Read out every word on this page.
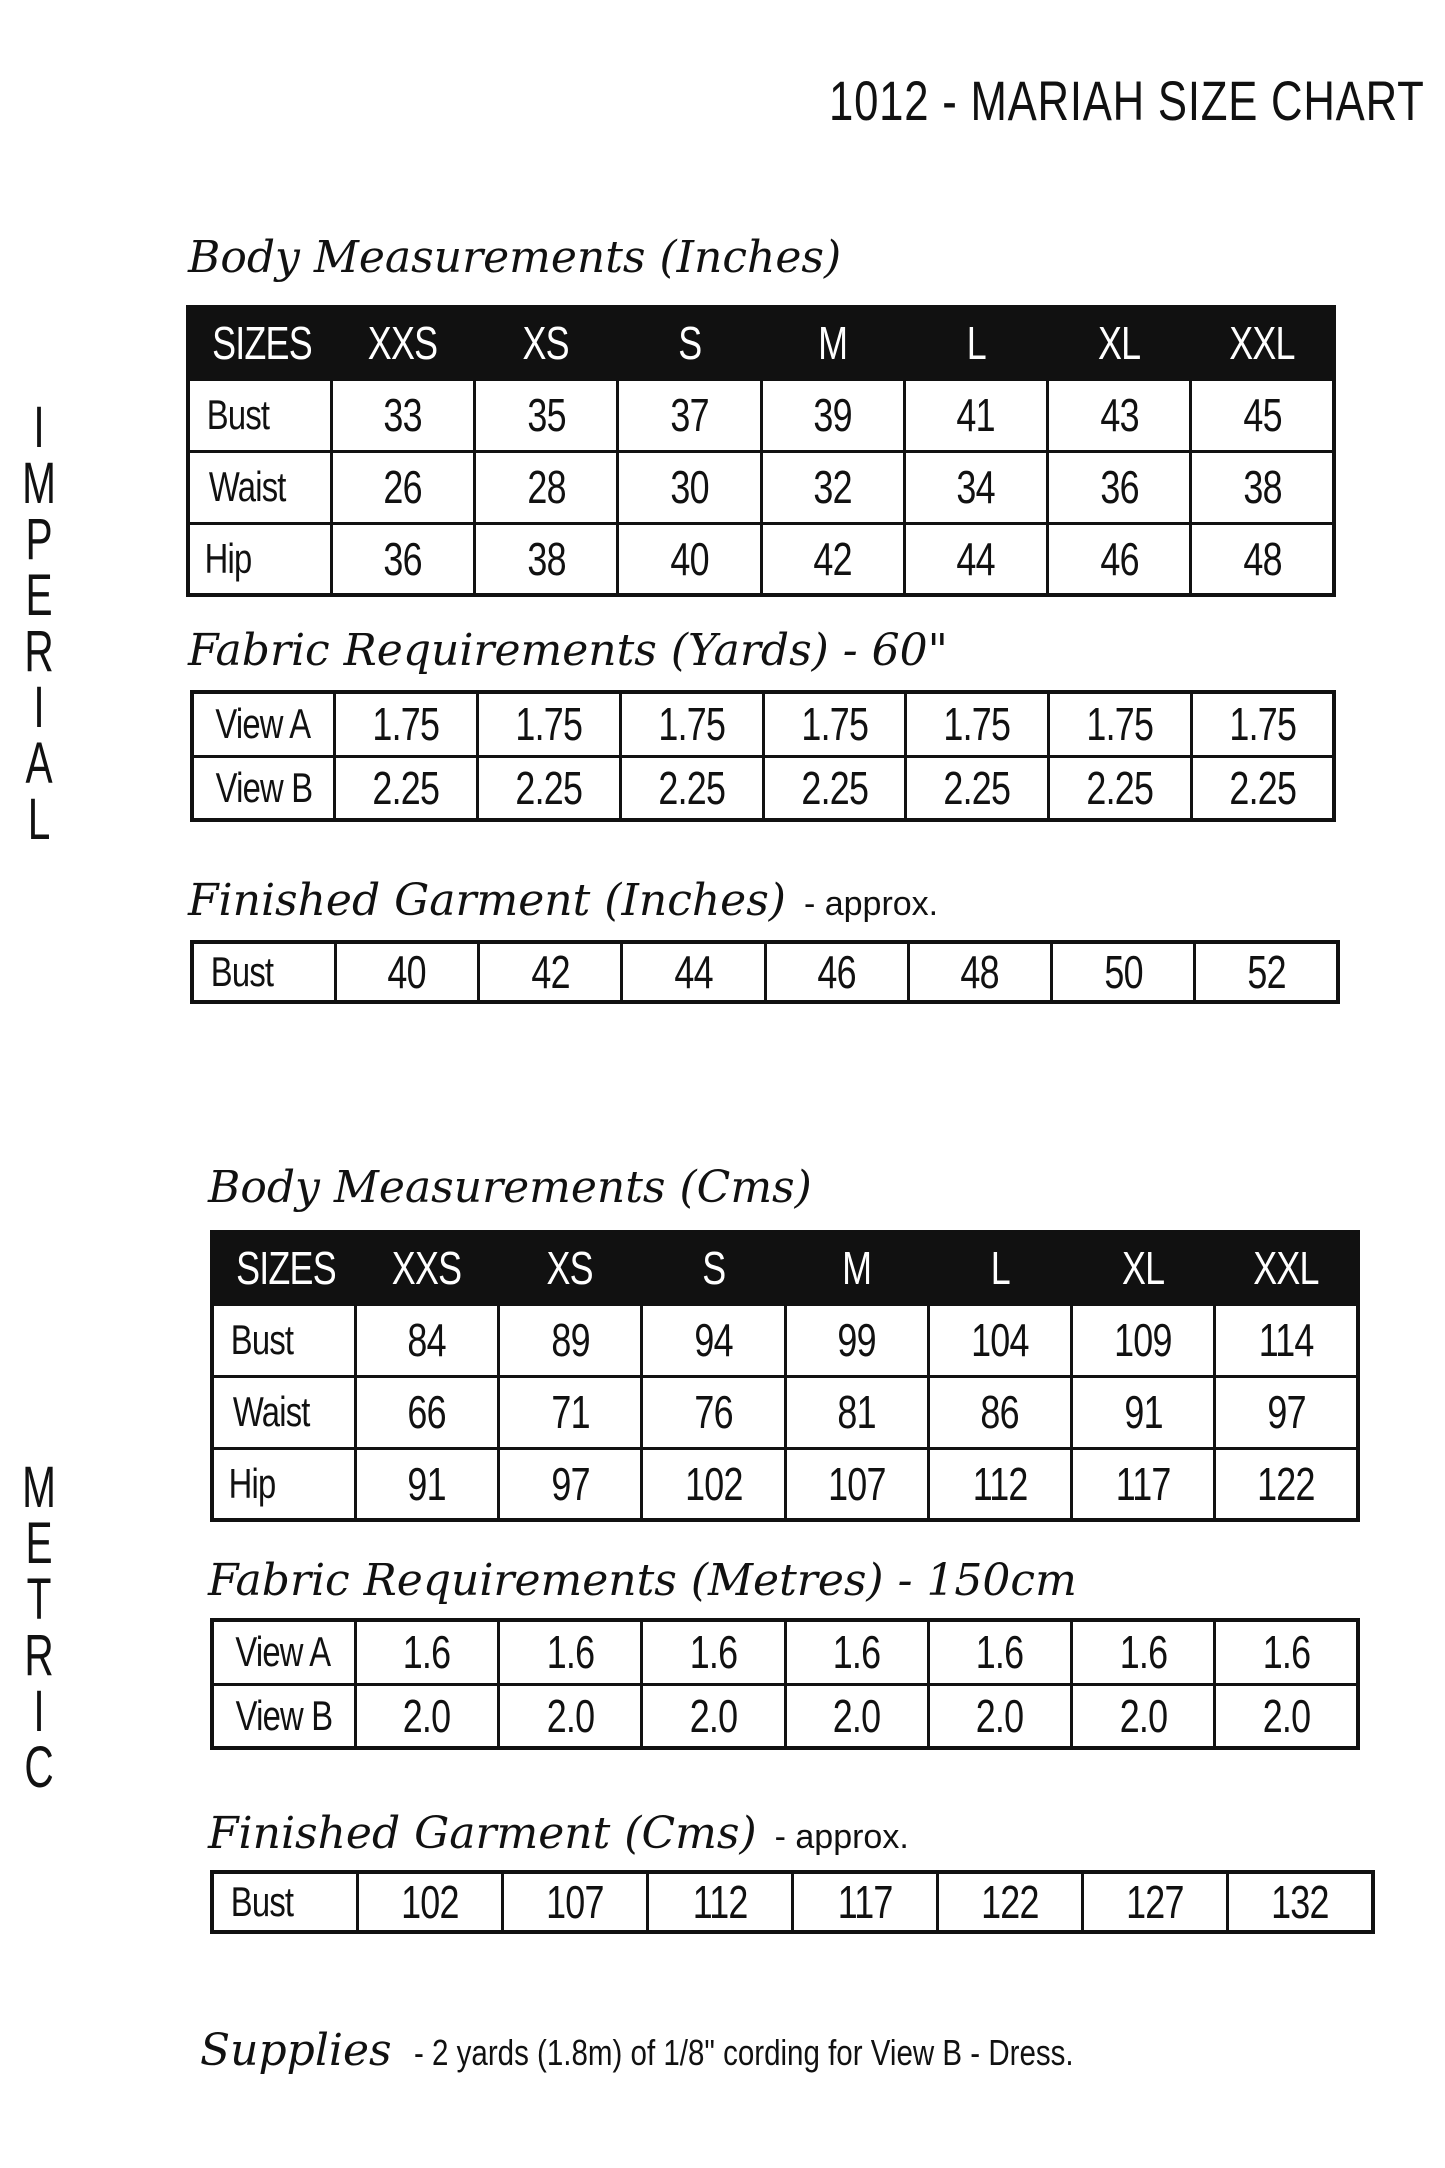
1012 - MARIAH SIZE CHART
I
M
P
E
R
I
A
L
M
E
T
R
I
C
Body Measurements (Inches)
SIZES	XXS	XS	S	M	L	XL	XXL
Bust	33	35	37	39	41	43	45
Waist	26	28	30	32	34	36	38
Hip	36	38	40	42	44	46	48
Fabric Requirements (Yards) - 60"
View A	1.75	1.75	1.75	1.75	1.75	1.75	1.75
View B	2.25	2.25	2.25	2.25	2.25	2.25	2.25
Finished Garment (Inches) - approx.
Bust	40	42	44	46	48	50	52
Body Measurements (Cms)
SIZES	XXS	XS	S	M	L	XL	XXL
Bust	84	89	94	99	104	109	114
Waist	66	71	76	81	86	91	97
Hip	91	97	102	107	112	117	122
Fabric Requirements (Metres) - 150cm
View A	1.6	1.6	1.6	1.6	1.6	1.6	1.6
View B	2.0	2.0	2.0	2.0	2.0	2.0	2.0
Finished Garment (Cms) - approx.
Bust	102	107	112	117	122	127	132
Supplies - 2 yards (1.8m) of 1/8" cording for View B - Dress.
